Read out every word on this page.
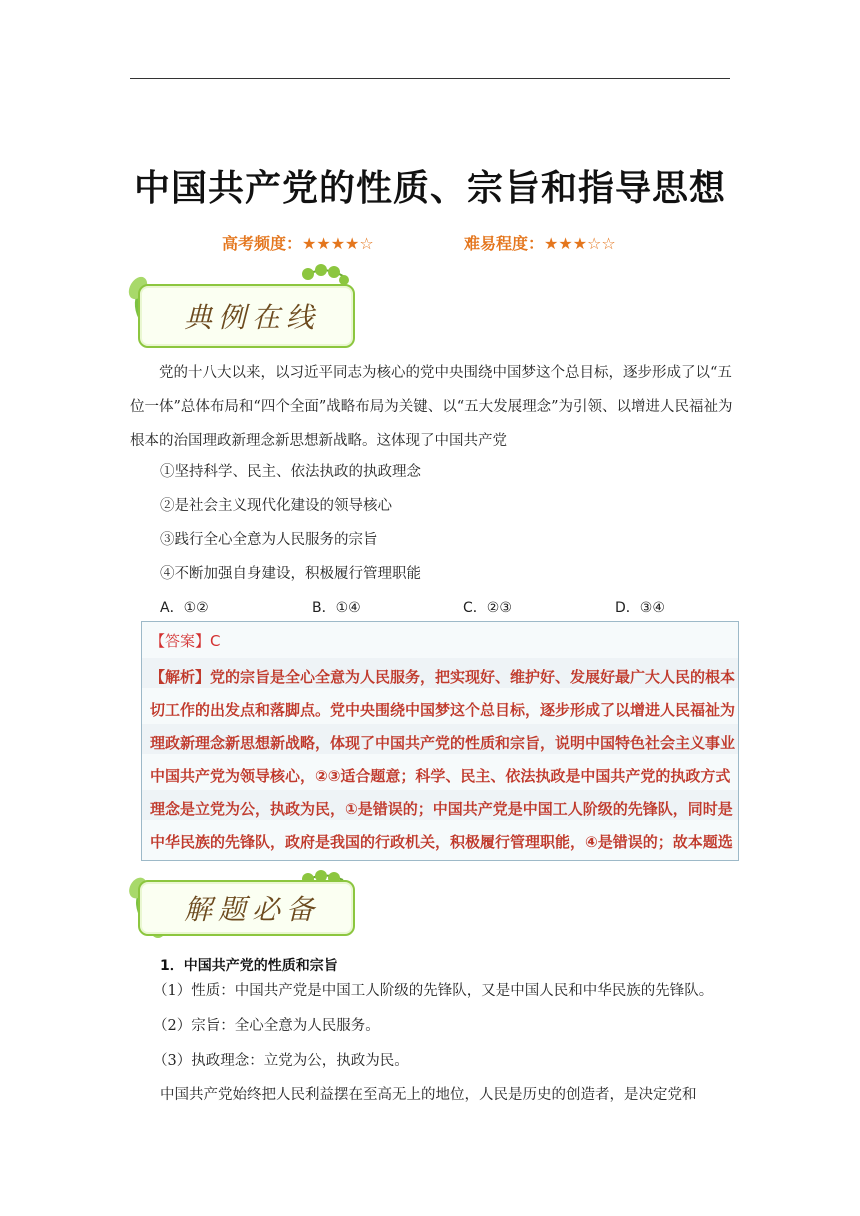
中国共产党的性质、宗旨和指导思想
高考频度：★★★★☆	难易程度：★★★☆☆
典例在线
党的十八大以来，以习近平同志为核心的党中央围绕中国梦这个总目标，逐步形成了以“五位一体”总体布局和“四个全面”战略布局为关键、以“五大发展理念”为引领、以增进人民福祉为根本的治国理政新理念新思想新战略。这体现了中国共产党
①坚持科学、民主、依法执政的执政理念
②是社会主义现代化建设的领导核心
③践行全心全意为人民服务的宗旨
④不断加强自身建设，积极履行管理职能
A．①②	B．①④	C．②③	D．③④
【答案】C
【解析】党的宗旨是全心全意为人民服务，把实现好、维护好、发展好最广大人民的根本
切工作的出发点和落脚点。党中央围绕中国梦这个总目标，逐步形成了以增进人民福祉为
理政新理念新思想新战略，体现了中国共产党的性质和宗旨，说明中国特色社会主义事业
中国共产党为领导核心，②③适合题意；科学、民主、依法执政是中国共产党的执政方式
理念是立党为公，执政为民，①是错误的；中国共产党是中国工人阶级的先锋队，同时是
中华民族的先锋队，政府是我国的行政机关，积极履行管理职能，④是错误的；故本题选
解题必备
1．中国共产党的性质和宗旨
（1）性质：中国共产党是中国工人阶级的先锋队，又是中国人民和中华民族的先锋队。
（2）宗旨：全心全意为人民服务。
（3）执政理念：立党为公，执政为民。
中国共产党始终把人民利益摆在至高无上的地位，人民是历史的创造者，是决定党和
